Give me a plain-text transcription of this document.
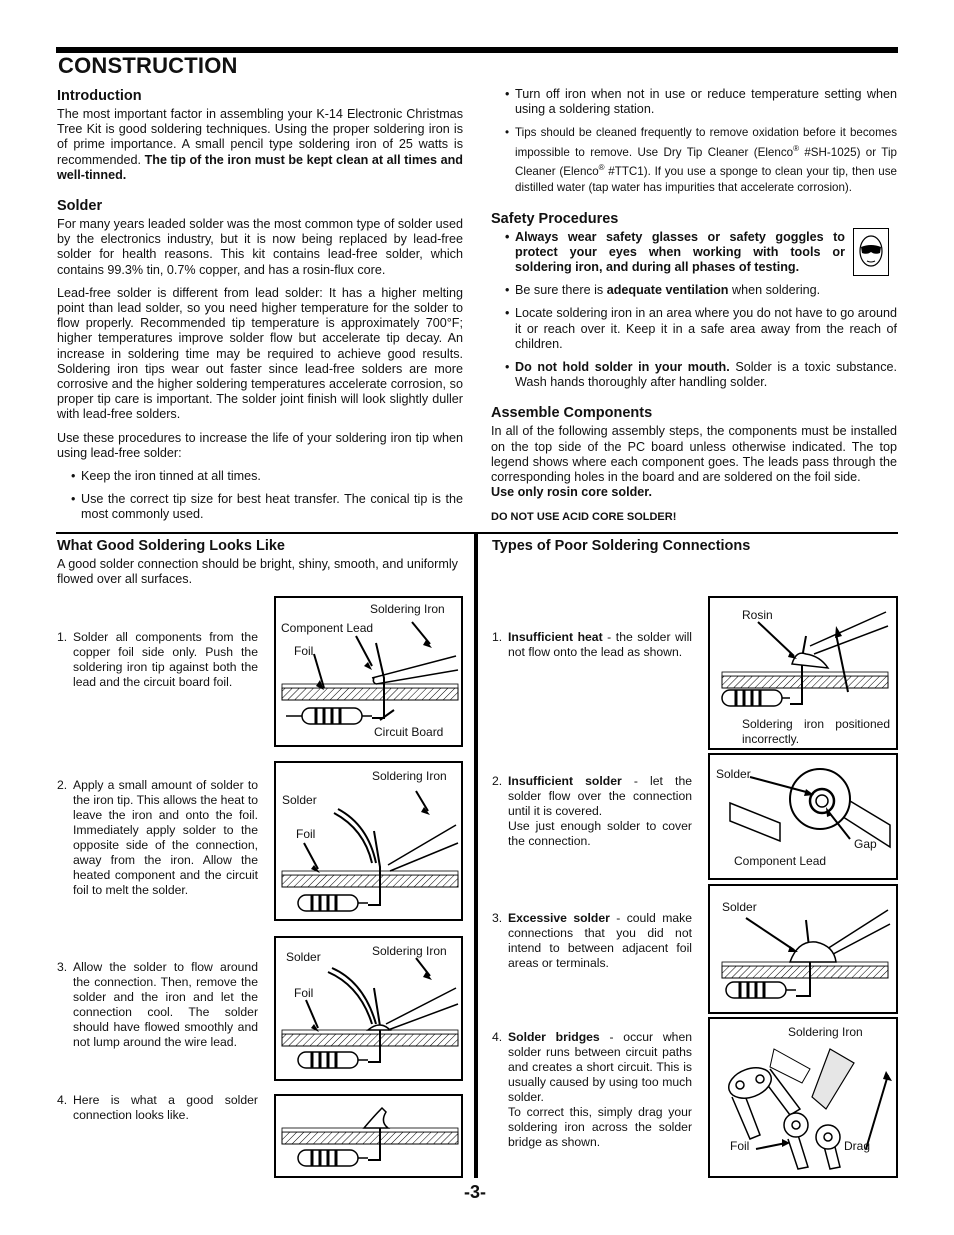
CONSTRUCTION
Introduction

The most important factor in assembling your K-14 Electronic Christmas Tree Kit is good soldering techniques. Using the proper soldering iron is of prime importance. A small pencil type soldering iron of 25 watts is recommended. The tip of the iron must be kept clean at all times and well-tinned.

Solder

For many years leaded solder was the most common type of solder used by the electronics industry, but it is now being replaced by lead-free solder for health reasons. This kit contains lead-free solder, which contains 99.3% tin, 0.7% copper, and has a rosin-flux core.

Lead-free solder is different from lead solder: It has a higher melting point than lead solder, so you need higher temperature for the solder to flow properly. Recommended tip temperature is approximately 700°F; higher temperatures improve solder flow but accelerate tip decay. An increase in soldering time may be required to achieve good results. Soldering iron tips wear out faster since lead-free solders are more corrosive and the higher soldering temperatures accelerate corrosion, so proper tip care is important. The solder joint finish will look slightly duller with lead-free solders.

Use these procedures to increase the life of your soldering iron tip when using lead-free solder:

• Keep the iron tinned at all times.
• Use the correct tip size for best heat transfer. The conical tip is the most commonly used.
• Turn off iron when not in use or reduce temperature setting when using a soldering station.
• Tips should be cleaned frequently to remove oxidation before it becomes impossible to remove. Use Dry Tip Cleaner (Elenco® #SH-1025) or Tip Cleaner (Elenco® #TTC1). If you use a sponge to clean your tip, then use distilled water (tap water has impurities that accelerate corrosion).
Safety Procedures
• Always wear safety glasses or safety goggles to protect your eyes when working with tools or soldering iron, and during all phases of testing.
• Be sure there is adequate ventilation when soldering.
• Locate soldering iron in an area where you do not have to go around it or reach over it. Keep it in a safe area away from the reach of children.
• Do not hold solder in your mouth. Solder is a toxic substance. Wash hands thoroughly after handling solder.
Assemble Components

In all of the following assembly steps, the components must be installed on the top side of the PC board unless otherwise indicated. The top legend shows where each component goes. The leads pass through the corresponding holes in the board and are soldered on the foil side.

Use only rosin core solder.

DO NOT USE ACID CORE SOLDER!

What Good Soldering Looks Like
A good solder connection should be bright, shiny, smooth, and uniformly flowed over all surfaces.
1. Solder all components from the copper foil side only. Push the soldering iron tip against both the lead and the circuit board foil.
2. Apply a small amount of solder to the iron tip. This allows the heat to leave the iron and onto the foil. Immediately apply solder to the opposite side of the connection, away from the iron. Allow the heated component and the circuit foil to melt the solder.
3. Allow the solder to flow around the connection. Then, remove the solder and the iron and let the connection cool. The solder should have flowed smoothly and not lump around the wire lead.
4. Here is what a good solder connection looks like.
Soldering Iron
Component Lead
Foil
Circuit Board
Soldering Iron
Solder
Foil
Soldering Iron
Solder
Foil
Types of Poor Soldering Connections
1. Insufficient heat - the solder will not flow onto the lead as shown.
2. Insufficient solder - let the solder flow over the connection until it is covered.
Use just enough solder to cover the connection.
3. Excessive solder - could make connections that you did not intend to between adjacent foil areas or terminals.
4. Solder bridges - occur when solder runs between circuit paths and creates a short circuit. This is usually caused by using too much solder.
To correct this, simply drag your soldering iron across the solder bridge as shown.
Rosin
Soldering iron positioned incorrectly.
Solder
Gap
Component Lead
Solder
Soldering Iron
Foil	Drag
-3-
